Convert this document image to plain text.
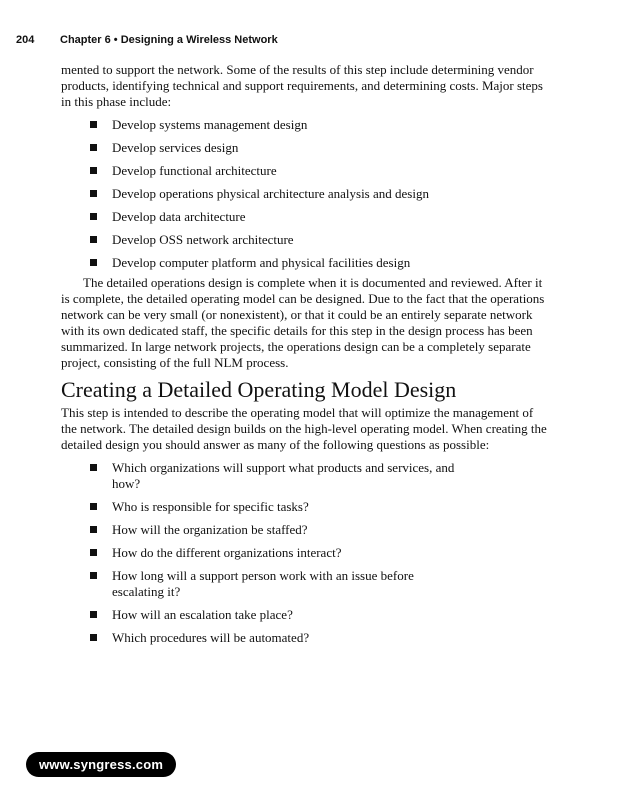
204 Chapter 6 • Designing a Wireless Network

mented to support the network. Some of the results of this step include determining vendor products, identifying technical and support requirements, and determining costs. Major steps in this phase include:

Develop systems management design
Develop services design
Develop functional architecture
Develop operations physical architecture analysis and design
Develop data architecture
Develop OSS network architecture
Develop computer platform and physical facilities design

The detailed operations design is complete when it is documented and reviewed. After it is complete, the detailed operating model can be designed. Due to the fact that the operations network can be very small (or nonexistent), or that it could be an entirely separate network with its own dedicated staff, the specific details for this step in the design process has been summarized. In large network projects, the operations design can be a completely separate project, consisting of the full NLM process.

Creating a Detailed Operating Model Design

This step is intended to describe the operating model that will optimize the management of the network. The detailed design builds on the high-level operating model. When creating the detailed design you should answer as many of the following questions as possible:

Which organizations will support what products and services, and how?
Who is responsible for specific tasks?
How will the organization be staffed?
How do the different organizations interact?
How long will a support person work with an issue before escalating it?
How will an escalation take place?
Which procedures will be automated?
www.syngress.com
